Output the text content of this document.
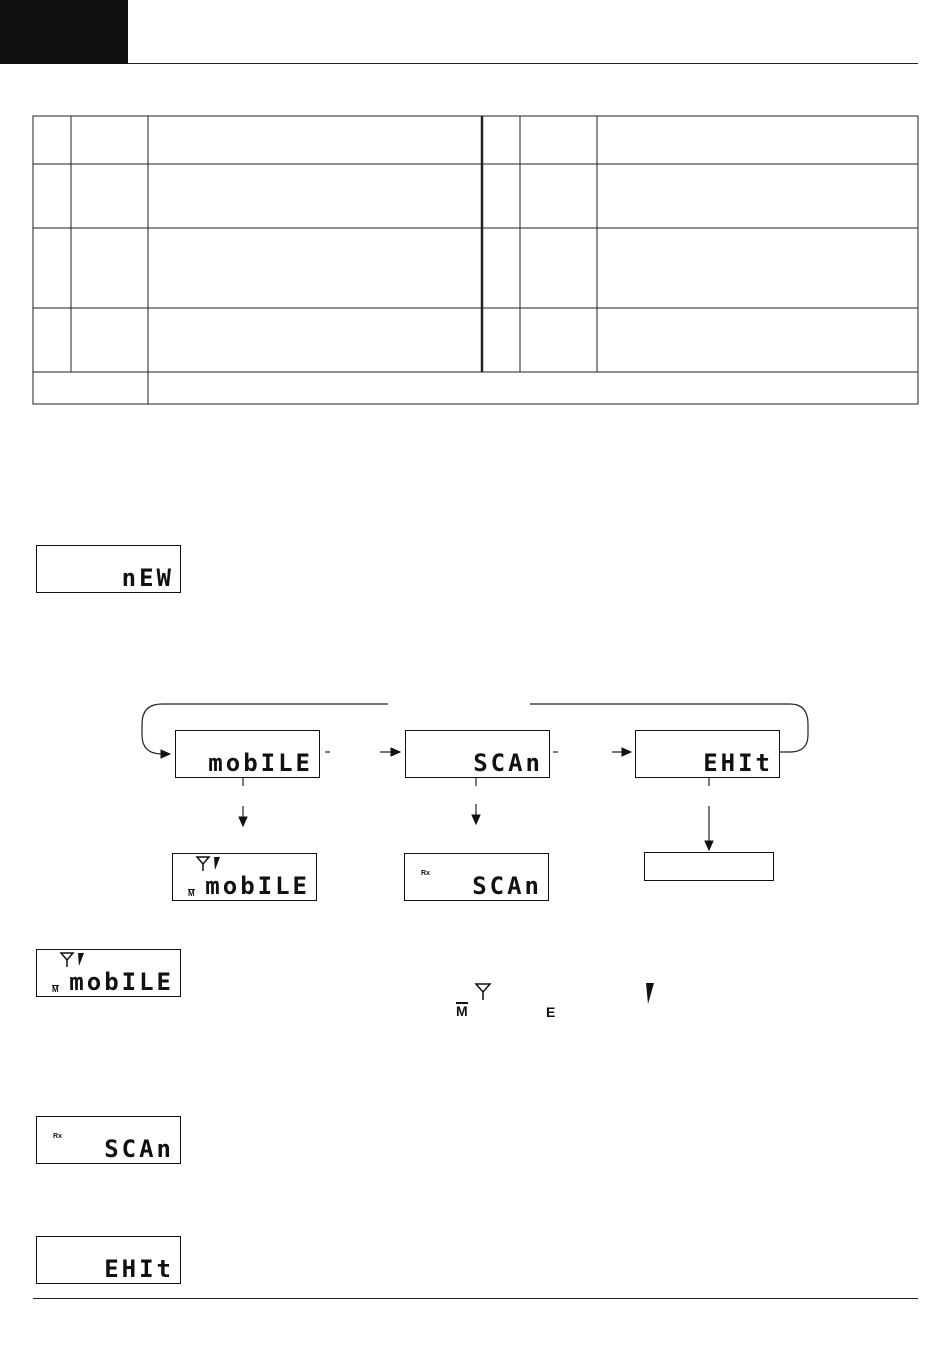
nEW
mobILE	SCAn	EHIt
M mobILE	Rx SCAn
M mobILE
M	E
Rx SCAn
EHIt
